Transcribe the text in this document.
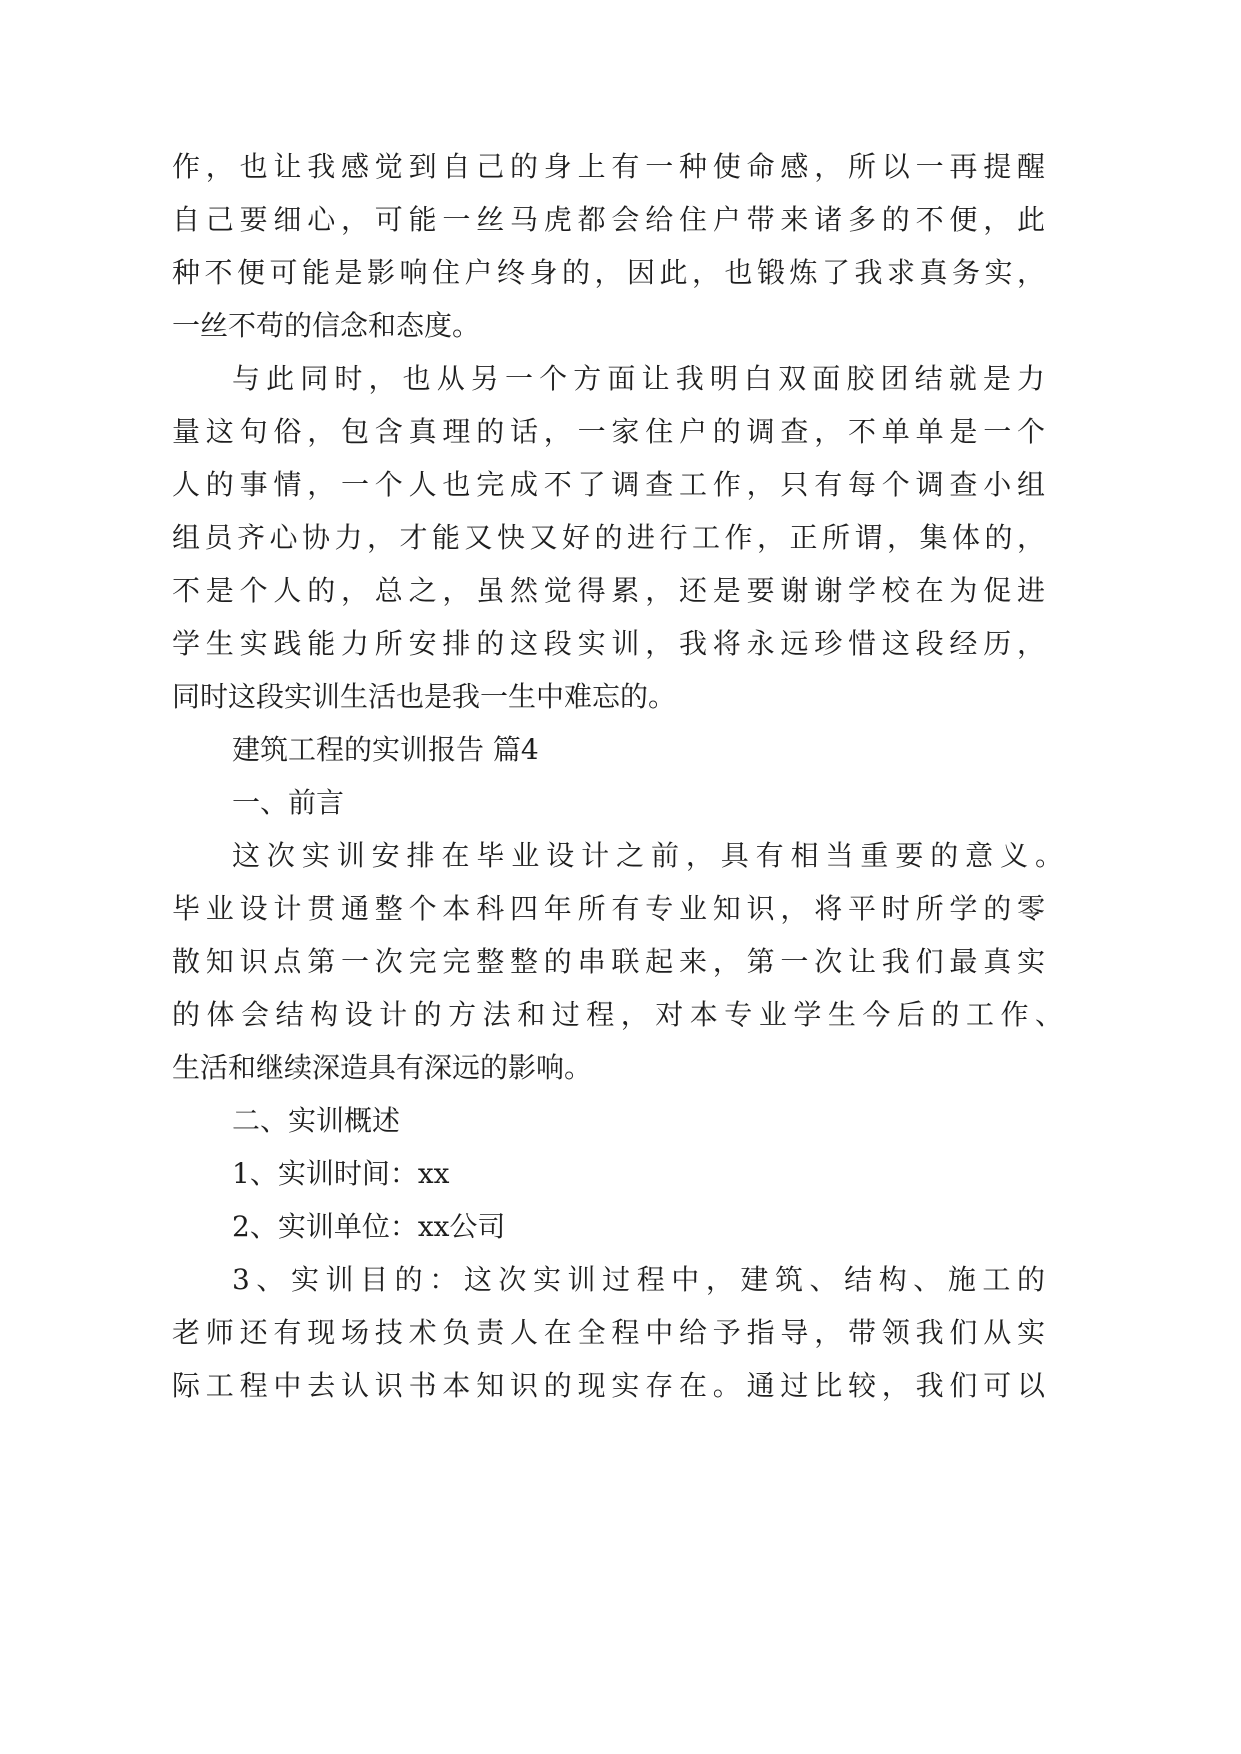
作，也让我感觉到自己的身上有一种使命感，所以一再提醒
自己要细心，可能一丝马虎都会给住户带来诸多的不便，此
种不便可能是影响住户终身的，因此，也锻炼了我求真务实，
一丝不苟的信念和态度。
与此同时，也从另一个方面让我明白双面胶团结就是力
量这句俗，包含真理的话，一家住户的调查，不单单是一个
人的事情，一个人也完成不了调查工作，只有每个调查小组
组员齐心协力，才能又快又好的进行工作，正所谓，集体的，
不是个人的，总之，虽然觉得累，还是要谢谢学校在为促进
学生实践能力所安排的这段实训，我将永远珍惜这段经历，
同时这段实训生活也是我一生中难忘的。
建筑工程的实训报告 篇4
一、前言
这次实训安排在毕业设计之前，具有相当重要的意义。
毕业设计贯通整个本科四年所有专业知识，将平时所学的零
散知识点第一次完完整整的串联起来，第一次让我们最真实
的体会结构设计的方法和过程，对本专业学生今后的工作、
生活和继续深造具有深远的影响。
二、实训概述
1、实训时间：xx
2、实训单位：xx公司
3、实训目的：这次实训过程中，建筑、结构、施工的
老师还有现场技术负责人在全程中给予指导，带领我们从实
际工程中去认识书本知识的现实存在。通过比较，我们可以
